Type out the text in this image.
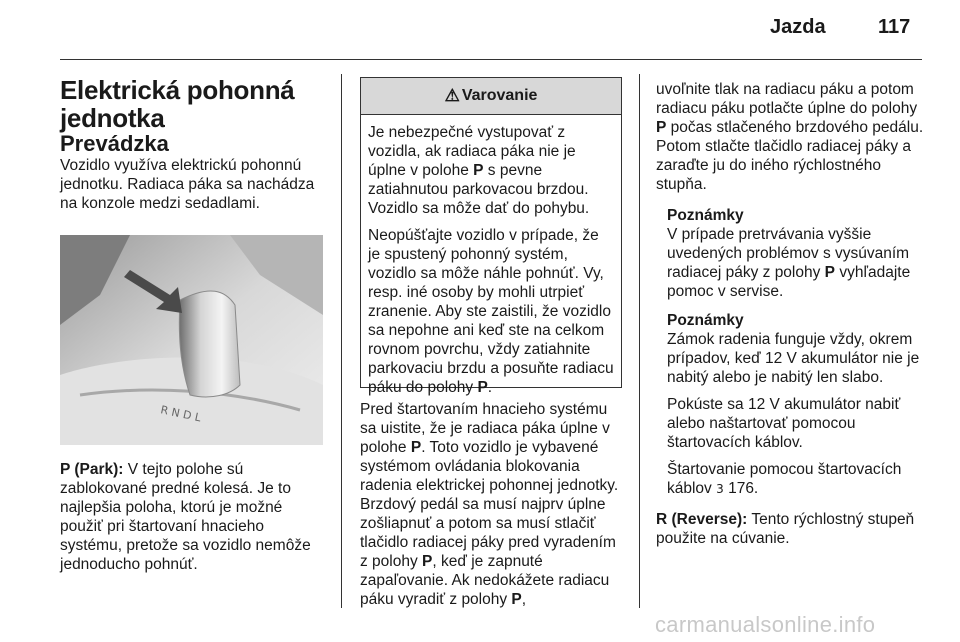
Jazda	117

Elektrická pohonná
jednotka

Prevádzka

Vozidlo využíva elektrickú pohonnú jednotku. Radiaca páka sa nachádza na konzole medzi sedadlami.

R N D L

P (Park): V tejto polohe sú zablokované predné kolesá. Je to najlepšia poloha, ktorú je možné použiť pri štartovaní hnacieho systému, pretože sa vozidlo nemôže jednoducho pohnúť.

⚠ Varovanie

Je nebezpečné vystupovať z vozidla, ak radiaca páka nie je úplne v polohe P s pevne zatiahnutou parkovacou brzdou. Vozidlo sa môže dať do pohybu.

Neopúšťajte vozidlo v prípade, že je spustený pohonný systém, vozidlo sa môže náhle pohnúť. Vy, resp. iné osoby by mohli utrpieť zranenie. Aby ste zaistili, že vozidlo sa nepohne ani keď ste na celkom rovnom povrchu, vždy zatiahnite parkovaciu brzdu a posuňte radiacu páku do polohy P.

Pred štartovaním hnacieho systému sa uistite, že je radiaca páka úplne v polohe P. Toto vozidlo je vybavené systémom ovládania blokovania radenia elektrickej pohonnej jednotky. Brzdový pedál sa musí najprv úplne zošliapnuť a potom sa musí stlačiť tlačidlo radiacej páky pred vyradením z polohy P, keď je zapnuté zapaľovanie. Ak nedokážete radiacu páku vyradiť z polohy P,

uvoľnite tlak na radiacu páku a potom radiacu páku potlačte úplne do polohy P počas stlačeného brzdového pedálu. Potom stlačte tlačidlo radiacej páky a zaraďte ju do iného rýchlostného stupňa.

Poznámky

V prípade pretrvávania vyššie uvedených problémov s vysúvaním radiacej páky z polohy P vyhľadajte pomoc v servise.

Poznámky

Zámok radenia funguje vždy, okrem prípadov, keď 12 V akumulátor nie je nabitý alebo je nabitý len slabo.

Pokúste sa 12 V akumulátor nabiť alebo naštartovať pomocou štartovacích káblov.

Štartovanie pomocou štartovacích káblov 3 176.

R (Reverse): Tento rýchlostný stupeň použite na cúvanie.

carmanualsonline.info
